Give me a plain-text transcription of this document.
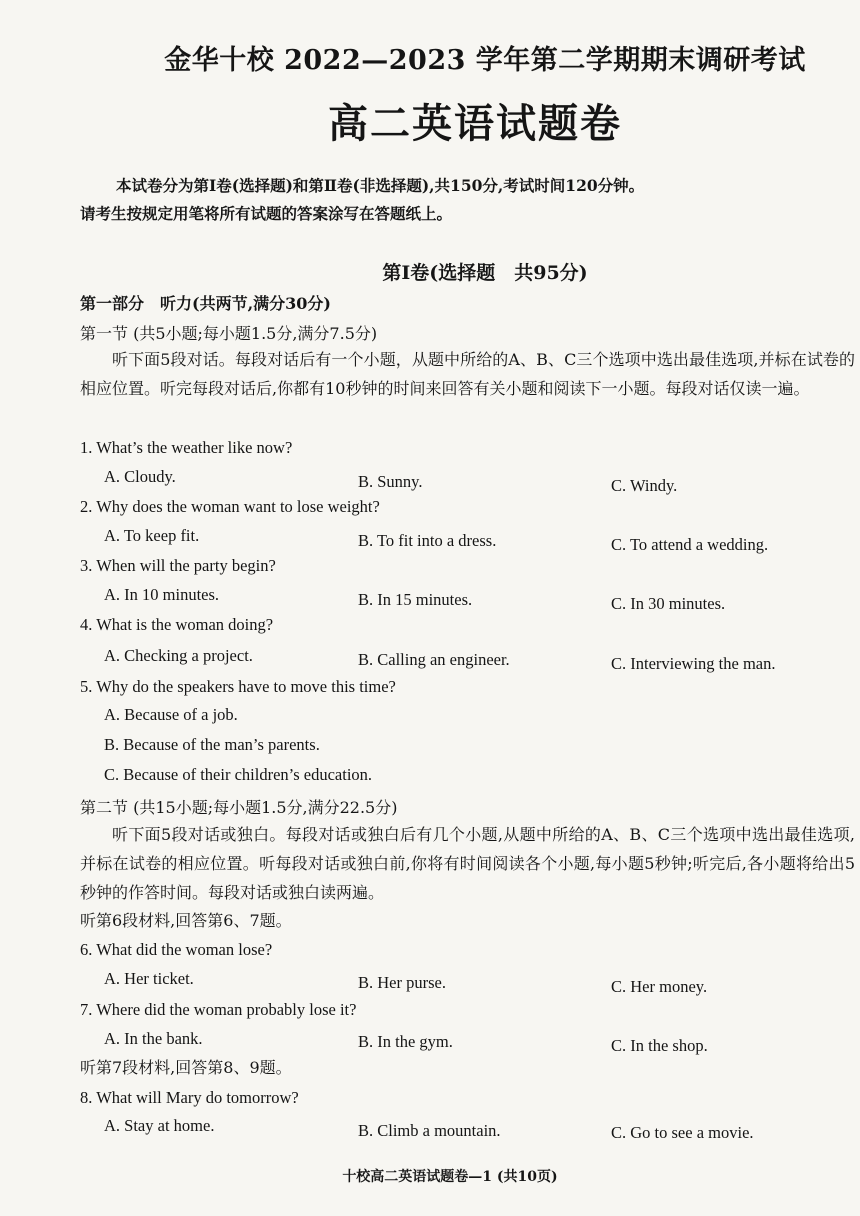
金华十校 2022—2023 学年第二学期期末调研考试
高二英语试题卷

本试卷分为第Ⅰ卷(选择题)和第Ⅱ卷(非选择题),共150分,考试时间120分钟。

请考生按规定用笔将所有试题的答案涂写在答题纸上。

第Ⅰ卷(选择题　共95分)
第一部分　听力(共两节,满分30分)
第一节 (共5小题;每小题1.5分,满分7.5分)

听下面5段对话。每段对话后有一个小题，从题中所给的A、B、C三个选项中选出最佳选项,并标在试卷的相应位置。听完每段对话后,你都有10秒钟的时间来回答有关小题和阅读下一小题。每段对话仅读一遍。

1. What’s the weather like now?
A. Cloudy.	B. Sunny.	C. Windy.
2. Why does the woman want to lose weight?
A. To keep fit.	B. To fit into a dress.	C. To attend a wedding.
3. When will the party begin?
A. In 10 minutes.	B. In 15 minutes.	C. In 30 minutes.
4. What is the woman doing?
A. Checking a project.	B. Calling an engineer.	C. Interviewing the man.
5. Why do the speakers have to move this time?
A. Because of a job.
B. Because of the man’s parents.
C. Because of their children’s education.
第二节 (共15小题;每小题1.5分,满分22.5分)

听下面5段对话或独白。每段对话或独白后有几个小题,从题中所给的A、B、C三个选项中选出最佳选项,并标在试卷的相应位置。听每段对话或独白前,你将有时间阅读各个小题,每小题5秒钟;听完后,各小题将给出5秒钟的作答时间。每段对话或独白读两遍。

听第6段材料,回答第6、7题。
6. What did the woman lose?
A. Her ticket.	B. Her purse.	C. Her money.
7. Where did the woman probably lose it?
A. In the bank.	B. In the gym.	C. In the shop.
听第7段材料,回答第8、9题。
8. What will Mary do tomorrow?
A. Stay at home.	B. Climb a mountain.	C. Go to see a movie.
十校高二英语试题卷—1 (共10页)
